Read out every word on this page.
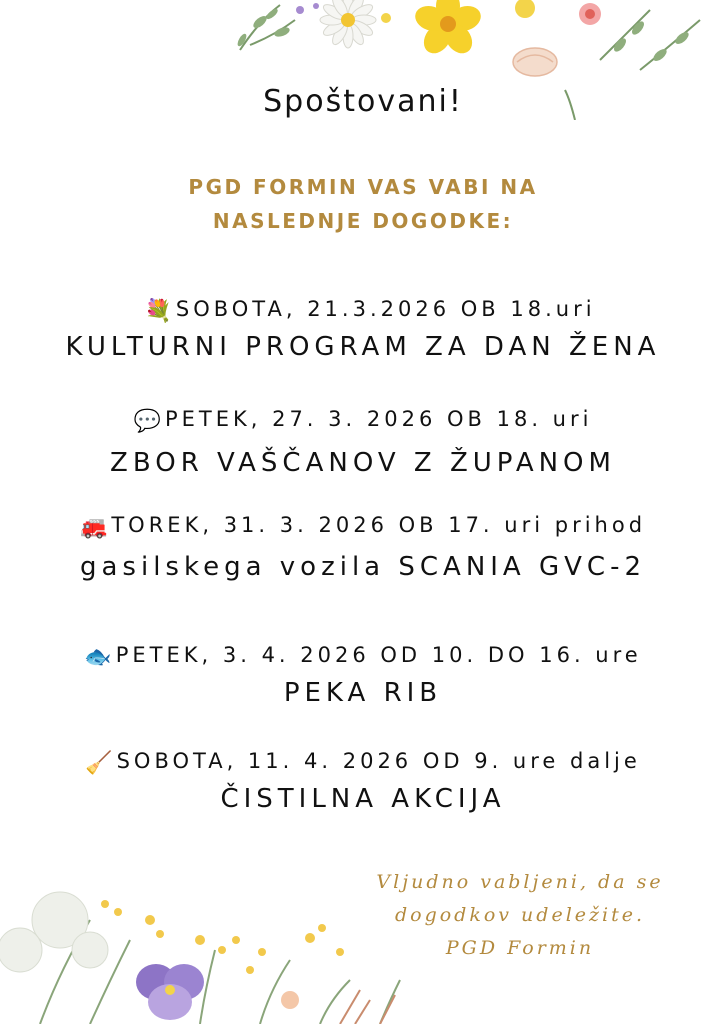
Spoštovani!
PGD FORMIN VAS VABI NA
NASLEDNJE DOGODKE:
💐 SOBOTA, 21.3.2026 OB 18.uri
KULTURNI PROGRAM ZA DAN ŽENA
💬 PETEK, 27. 3. 2026 OB 18. uri
ZBOR VAŠČANOV Z ŽUPANOM
🚒 TOREK, 31. 3. 2026 OB 17. uri prihod
gasilskega vozila SCANIA GVC-2
🐟 PETEK, 3. 4. 2026 OD 10. DO 16. ure
PEKA RIB
🧹 SOBOTA, 11. 4. 2026 OD 9. ure dalje
ČISTILNA AKCIJA
Vljudno vabljeni, da se
dogodkov udeležite.
PGD Formin
